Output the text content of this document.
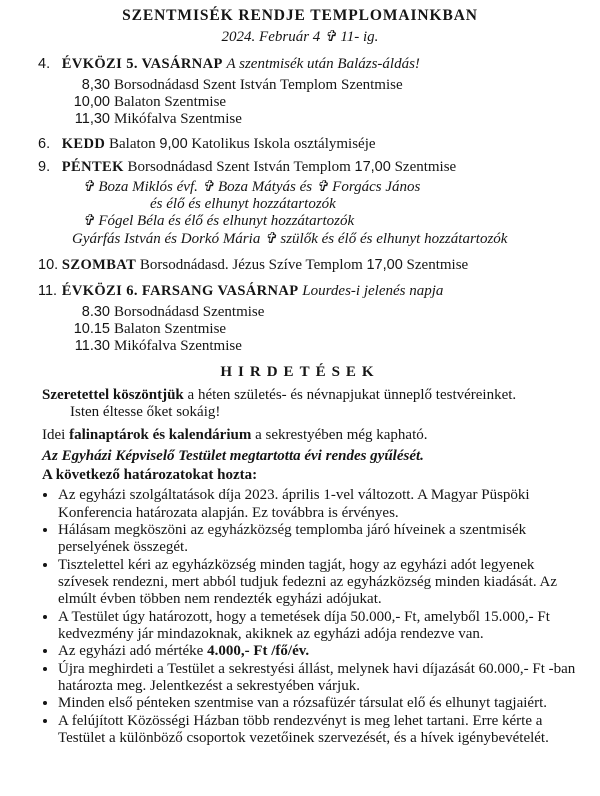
SZENTMISÉK RENDJE TEMPLOMAINKBAN
2024. Február 4 ✞ 11- ig.
4. ÉVKÖZI 5. VASÁRNAP A szentmisék után Balázs-áldás!
8,30 Borsodnádasd Szent István Templom Szentmise
10,00 Balaton Szentmise
11,30 Mikófalva Szentmise
6. KEDD Balaton 9,00 Katolikus Iskola osztálymiséje
9. PÉNTEK Borsodnádasd Szent István Templom 17,00 Szentmise
✞ Boza Miklós évf. ✞ Boza Mátyás és ✞ Forgács János
és élő és elhunyt hozzátartozók
✞ Fógel Béla és élő és elhunyt hozzátartozók
Gyárfás István és Dorkó Mária ✞ szülők és élő és elhunyt hozzátartozók
10. SZOMBAT Borsodnádasd. Jézus Szíve Templom 17,00 Szentmise
11. ÉVKÖZI 6. FARSANG VASÁRNAP Lourdes-i jelenés napja
8.30 Borsodnádasd Szentmise
10.15 Balaton Szentmise
11.30 Mikófalva Szentmise
HIRDETÉSEK
Szeretettel köszöntjük a héten születés- és névnapjukat ünneplő testvéreinket.
Isten éltesse őket sokáig!
Idei falinaptárok és kalendárium a sekrestyében még kapható.
Az Egyházi Képviselő Testület megtartotta évi rendes gyűlését.
A következő határozatokat hozta:
• Az egyházi szolgáltatások díja 2023. április 1-vel változott. A Magyar Püspöki Konferencia határozata alapján. Ez továbbra is érvényes.
• Hálásam megköszöni az egyházközség templomba járó híveinek a szentmisék perselyének összegét.
• Tisztelettel kéri az egyházközség minden tagját, hogy az egyházi adót legyenek szívesek rendezni, mert abból tudjuk fedezni az egyházközség minden kiadását. Az elmúlt évben többen nem rendezték egyházi adójukat.
• A Testület úgy határozott, hogy a temetések díja 50.000,- Ft, amelyből 15.000,- Ft kedvezmény jár mindazoknak, akiknek az egyházi adója rendezve van.
• Az egyházi adó mértéke 4.000,- Ft /fő/év.
• Újra meghirdeti a Testület a sekrestyési állást, melynek havi díjazását 60.000,- Ft -ban határozta meg. Jelentkezést a sekrestyében várjuk.
• Minden első pénteken szentmise van a rózsafüzér társulat elő és elhunyt tagjaiért.
• A felújított Közösségi Házban több rendezvényt is meg lehet tartani. Erre kérte a Testület a különböző csoportok vezetőinek szervezését, és a hívek igénybevételét.
